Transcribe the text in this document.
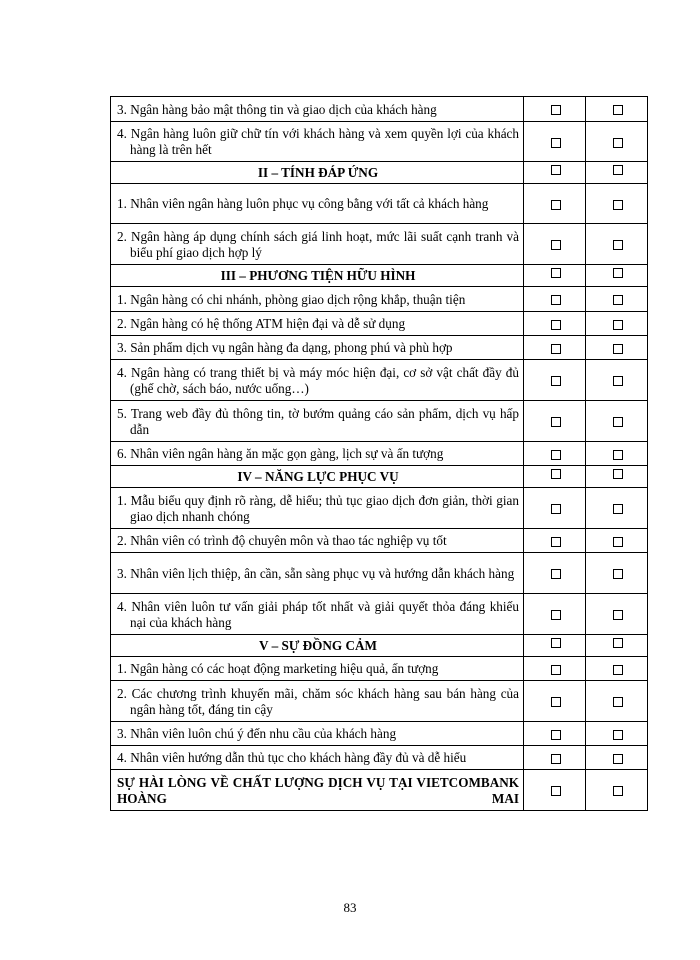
3. Ngân hàng bảo mật thông tin và giao dịch của khách hàng		

4. Ngân hàng luôn giữ chữ tín với khách hàng và xem quyền lợi của khách hàng là trên hết		

II – TÍNH ĐÁP ỨNG		

1. Nhân viên ngân hàng luôn phục vụ công bằng với tất cả khách hàng		

2. Ngân hàng áp dụng chính sách giá linh hoạt, mức lãi suất cạnh tranh và biểu phí giao dịch hợp lý		

III – PHƯƠNG TIỆN HỮU HÌNH		

1. Ngân hàng có chi nhánh, phòng giao dịch rộng khắp, thuận tiện		

2. Ngân hàng có hệ thống ATM hiện đại và dễ sử dụng		

3. Sản phẩm dịch vụ ngân hàng đa dạng, phong phú và phù hợp		

4. Ngân hàng có trang thiết bị và máy móc hiện đại, cơ sở vật chất đầy đủ (ghế chờ, sách báo, nước uống…)		

5. Trang web đầy đủ thông tin, tờ bướm quảng cáo sản phẩm, dịch vụ hấp dẫn		

6. Nhân viên ngân hàng ăn mặc gọn gàng, lịch sự và ấn tượng		

IV – NĂNG LỰC PHỤC VỤ		

1. Mẫu biểu quy định rõ ràng, dễ hiểu; thủ tục giao dịch đơn giản, thời gian giao dịch nhanh chóng		

2. Nhân viên có trình độ chuyên môn và thao tác nghiệp vụ tốt		

3. Nhân viên lịch thiệp, ân cần, sẵn sàng phục vụ và hướng dẫn khách hàng		

4. Nhân viên luôn tư vấn giải pháp tốt nhất và giải quyết thỏa đáng khiếu nại của khách hàng		

V – SỰ ĐỒNG CẢM		

1. Ngân hàng có các hoạt động marketing hiệu quả, ấn tượng		

2. Các chương trình khuyến mãi, chăm sóc khách hàng sau bán hàng của ngân hàng tốt, đáng tin cậy		

3. Nhân viên luôn chú ý đến nhu cầu của khách hàng		

4. Nhân viên hướng dẫn thủ tục cho khách hàng đầy đủ và dễ hiểu		

SỰ HÀI LÒNG VỀ CHẤT LƯỢNG DỊCH VỤ TẠI VIETCOMBANK HOÀNG MAI		
83
